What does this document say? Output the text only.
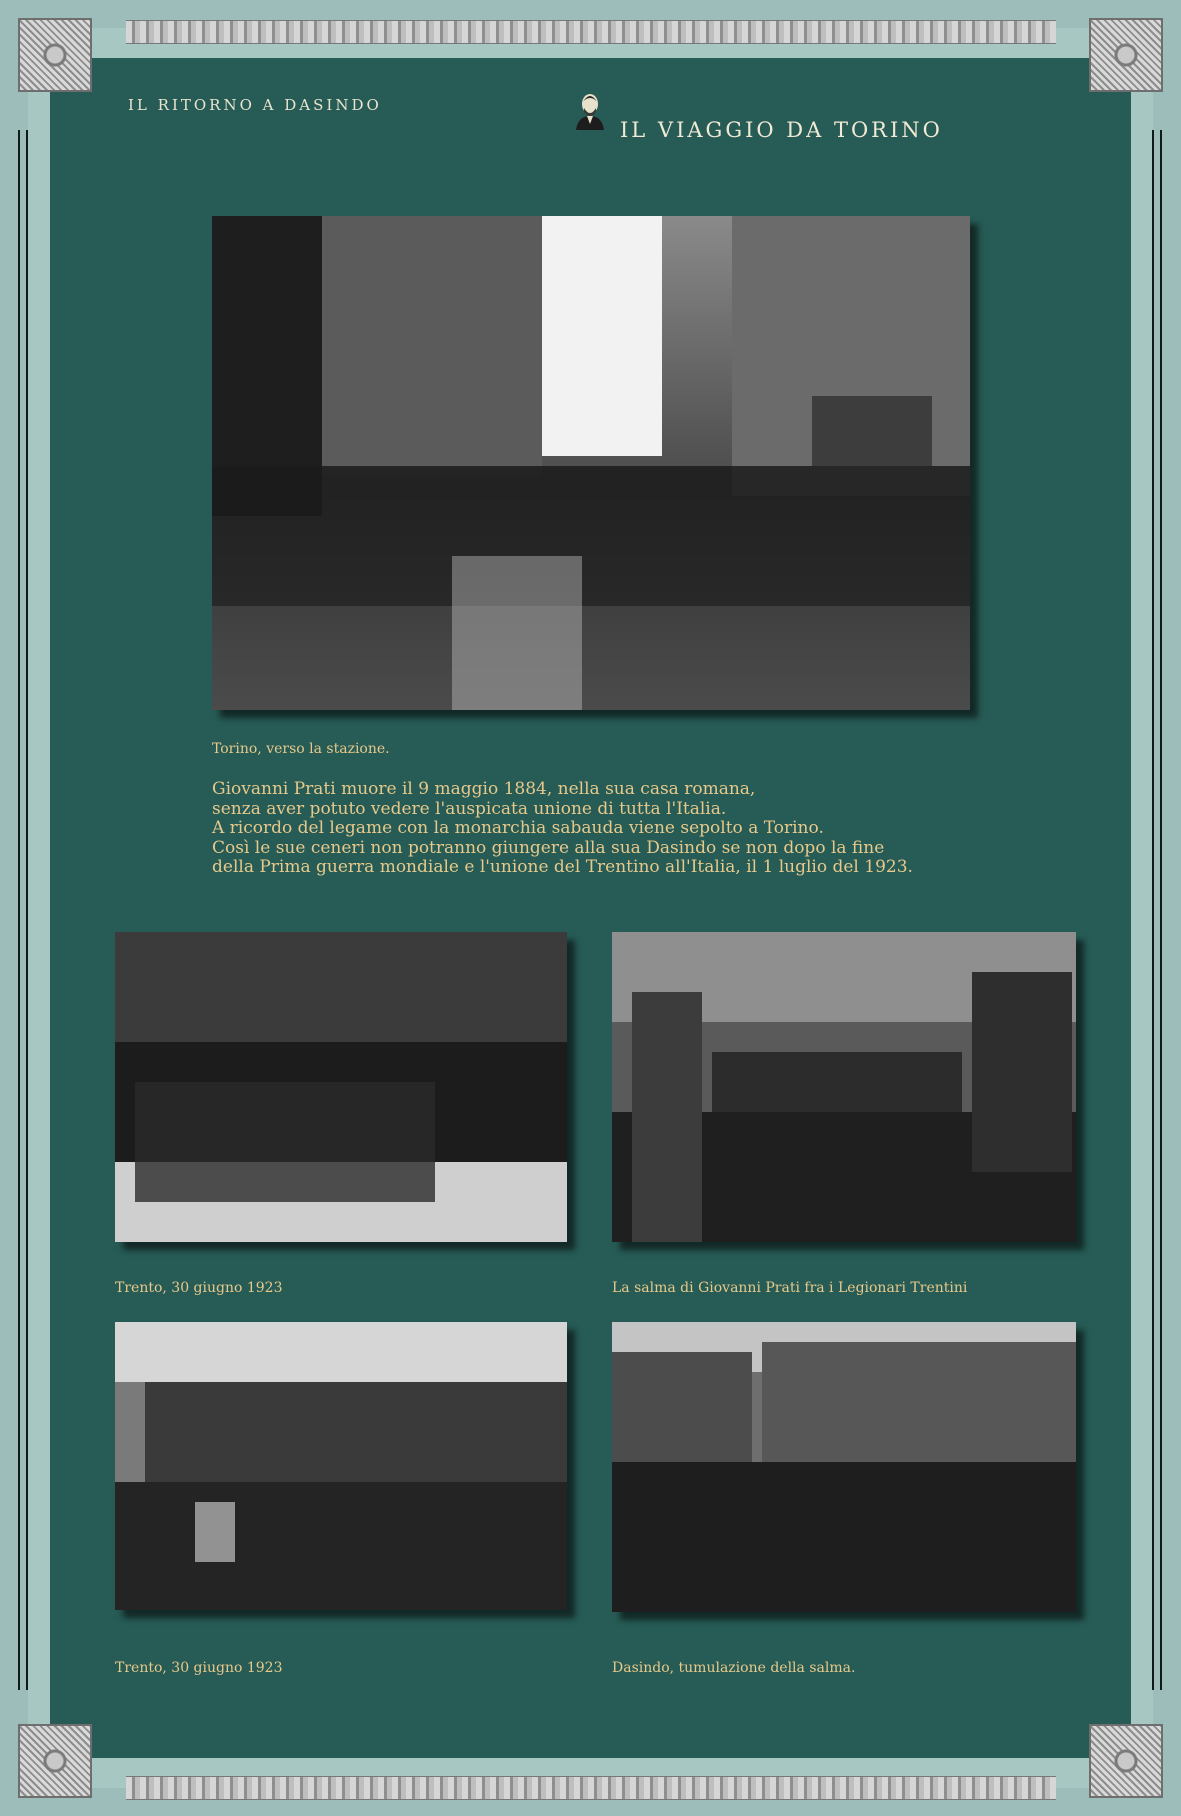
IL RITORNO A DASINDO
IL VIAGGIO DA TORINO
Torino, verso la stazione.

Giovanni Prati muore il 9 maggio 1884, nella sua casa romana,
senza aver potuto vedere l'auspicata unione di tutta l'Italia.
A ricordo del legame con la monarchia sabauda viene sepolto a Torino.
Così le sue ceneri non potranno giungere alla sua Dasindo se non dopo la fine
della Prima guerra mondiale e l'unione del Trentino all'Italia, il 1 luglio del 1923.

Trento, 30 giugno 1923	La salma di Giovanni Prati fra i Legionari Trentini
Trento, 30 giugno 1923	Dasindo, tumulazione della salma.
